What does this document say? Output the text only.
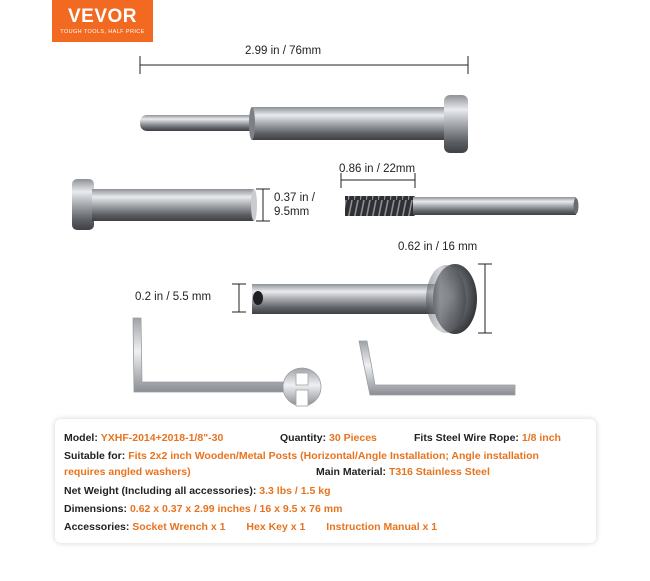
VEVOR
TOUGH TOOLS, HALF PRICE
2.99 in / 76mm
0.37 in /
9.5mm
0.86 in / 22mm
0.62 in / 16 mm
0.2 in / 5.5 mm
Model: YXHF-2014+2018-1/8"-30	Quantity: 30 Pieces	Fits Steel Wire Rope: 1/8 inch
Suitable for: Fits 2x2 inch Wooden/Metal Posts (Horizontal/Angle Installation; Angle installation
requires angled washers)	Main Material: T316 Stainless Steel
Net Weight (Including all accessories): 3.3 lbs / 1.5 kg
Dimensions: 0.62 x 0.37 x 2.99 inches / 16 x 9.5 x 76 mm
Accessories: Socket Wrench x 1 Hex Key x 1 Instruction Manual x 1
